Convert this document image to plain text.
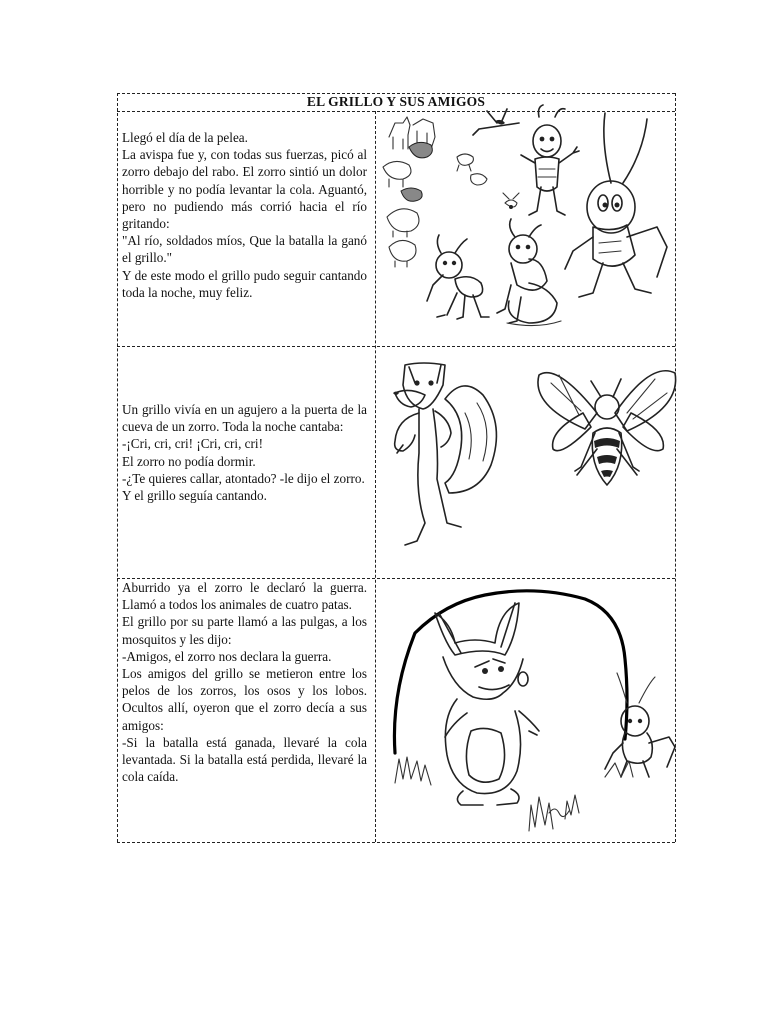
EL GRILLO Y SUS AMIGOS

Llegó el día de la pelea.

La avispa fue y, con todas sus fuerzas, picó al zorro debajo del rabo. El zorro sintió un dolor horrible y no podía levantar la cola. Aguantó, pero no pudiendo más corrió hacia el río gritando:

"Al río, soldados míos, Que la batalla la ganó el grillo."

Y de este modo el grillo pudo seguir cantando toda la noche, muy feliz.

Un grillo vivía en un agujero a la puerta de la cueva de un zorro. Toda la noche cantaba:

-¡Cri, cri, cri! ¡Cri, cri, cri!

El zorro no podía dormir.

-¿Te quieres callar, atontado? -le dijo el zorro.

Y el grillo seguía cantando.

Aburrido ya el zorro le declaró la guerra. Llamó a todos los animales de cuatro patas.

El grillo por su parte llamó a las pulgas, a los mosquitos y les dijo:

-Amigos, el zorro nos declara la guerra.

Los amigos del grillo se metieron entre los pelos de los zorros, los osos y los lobos. Ocultos allí, oyeron que el zorro decía a sus amigos:

-Si la batalla está ganada, llevaré la cola levantada. Si la batalla está perdida, llevaré la cola caída.
